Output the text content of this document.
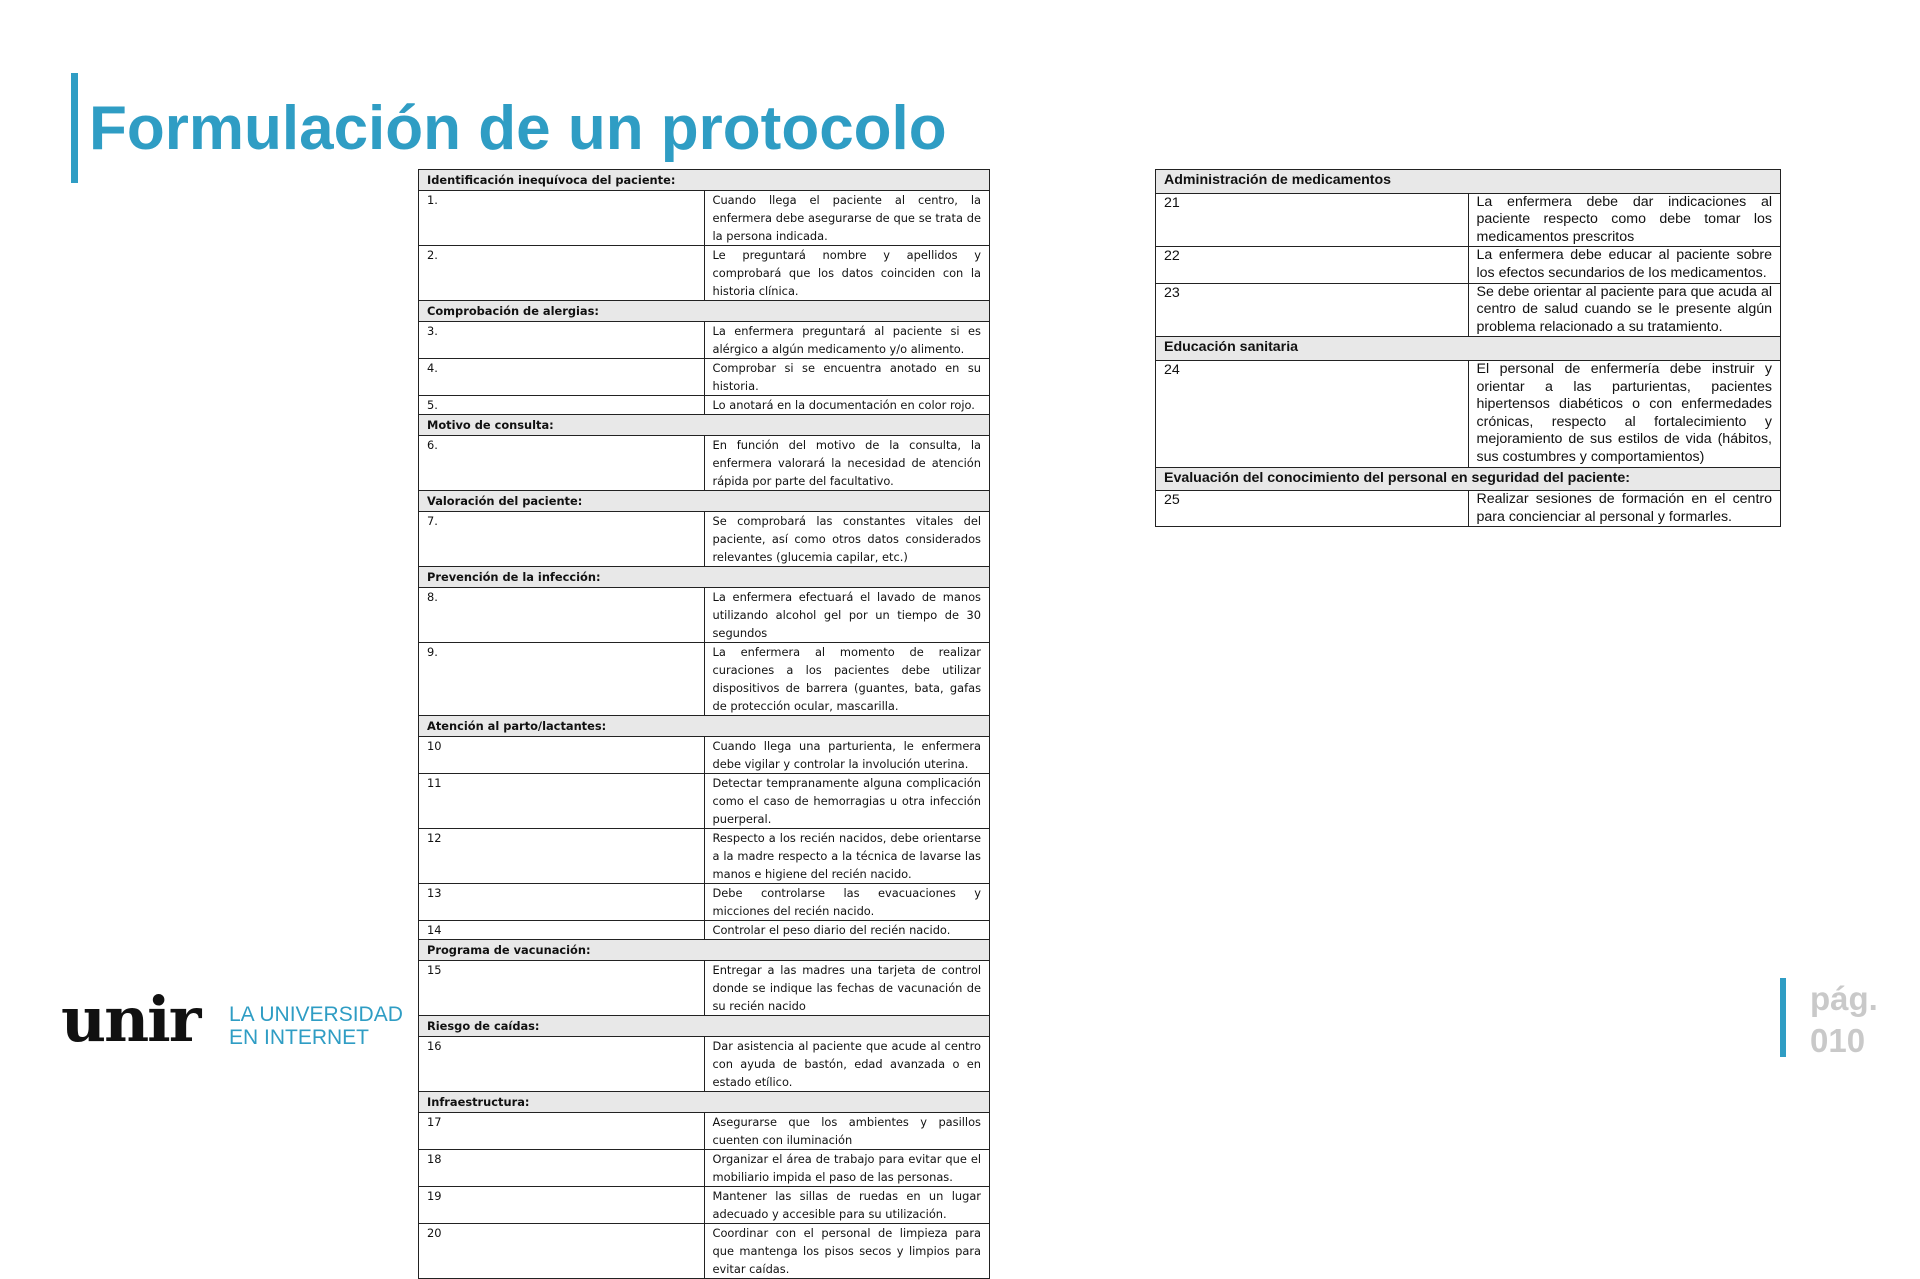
Formulación de un protocolo
Identificación inequívoca del paciente:	
1.	Cuando llega el paciente al centro, la enfermera debe asegurarse de que se trata de la persona indicada.
2.	Le preguntará nombre y apellidos y comprobará que los datos coinciden con la historia clínica.
Comprobación de alergias:	
3.	La enfermera preguntará al paciente si es alérgico a algún medicamento y/o alimento.
4.	Comprobar si se encuentra anotado en su historia.
5.	Lo anotará en la documentación en color rojo.
Motivo de consulta:	
6.	En función del motivo de la consulta, la enfermera valorará la necesidad de atención rápida por parte del facultativo.
Valoración del paciente:	
7.	Se comprobará las constantes vitales del paciente, así como otros datos considerados relevantes (glucemia capilar, etc.)
Prevención de la infección:	
8.	La enfermera efectuará el lavado de manos utilizando alcohol gel por un tiempo de 30 segundos
9.	La enfermera al momento de realizar curaciones a los pacientes debe utilizar dispositivos de barrera (guantes, bata, gafas de protección ocular, mascarilla.
Atención al parto/lactantes:	
10	Cuando llega una parturienta, le enfermera debe vigilar y controlar la involución uterina.
11	Detectar tempranamente alguna complicación como el caso de hemorragias u otra infección puerperal.
12	Respecto a los recién nacidos, debe orientarse a la madre respecto a la técnica de lavarse las manos e higiene del recién nacido.
13	Debe controlarse las evacuaciones y micciones del recién nacido.
14	Controlar el peso diario del recién nacido.
Programa de vacunación:	
15	Entregar a las madres una tarjeta de control donde se indique las fechas de vacunación de su recién nacido
Riesgo de caídas:	
16	Dar asistencia al paciente que acude al centro con ayuda de bastón, edad avanzada o en estado etílico.
Infraestructura:	
17	Asegurarse que los ambientes y pasillos cuenten con iluminación
18	Organizar el área de trabajo para evitar que el mobiliario impida el paso de las personas.
19	Mantener las sillas de ruedas en un lugar adecuado y accesible para su utilización.
20	Coordinar con el personal de limpieza para que mantenga los pisos secos y limpios para evitar caídas.
Administración de medicamentos	
21	La enfermera debe dar indicaciones al paciente respecto como debe tomar los medicamentos prescritos
22	La enfermera debe educar al paciente sobre los efectos secundarios de los medicamentos.
23	Se debe orientar al paciente para que acuda al centro de salud cuando se le presente algún problema relacionado a su tratamiento.
Educación sanitaria	
24	El personal de enfermería debe instruir y orientar a las parturientas, pacientes hipertensos diabéticos o con enfermedades crónicas, respecto al fortalecimiento y mejoramiento de sus estilos de vida (hábitos, sus costumbres y comportamientos)
Evaluación del conocimiento del personal en seguridad del paciente:	
25	Realizar sesiones de formación en el centro para concienciar al personal y formarles.
unir LA UNIVERSIDAD
EN INTERNET
pág.
010
